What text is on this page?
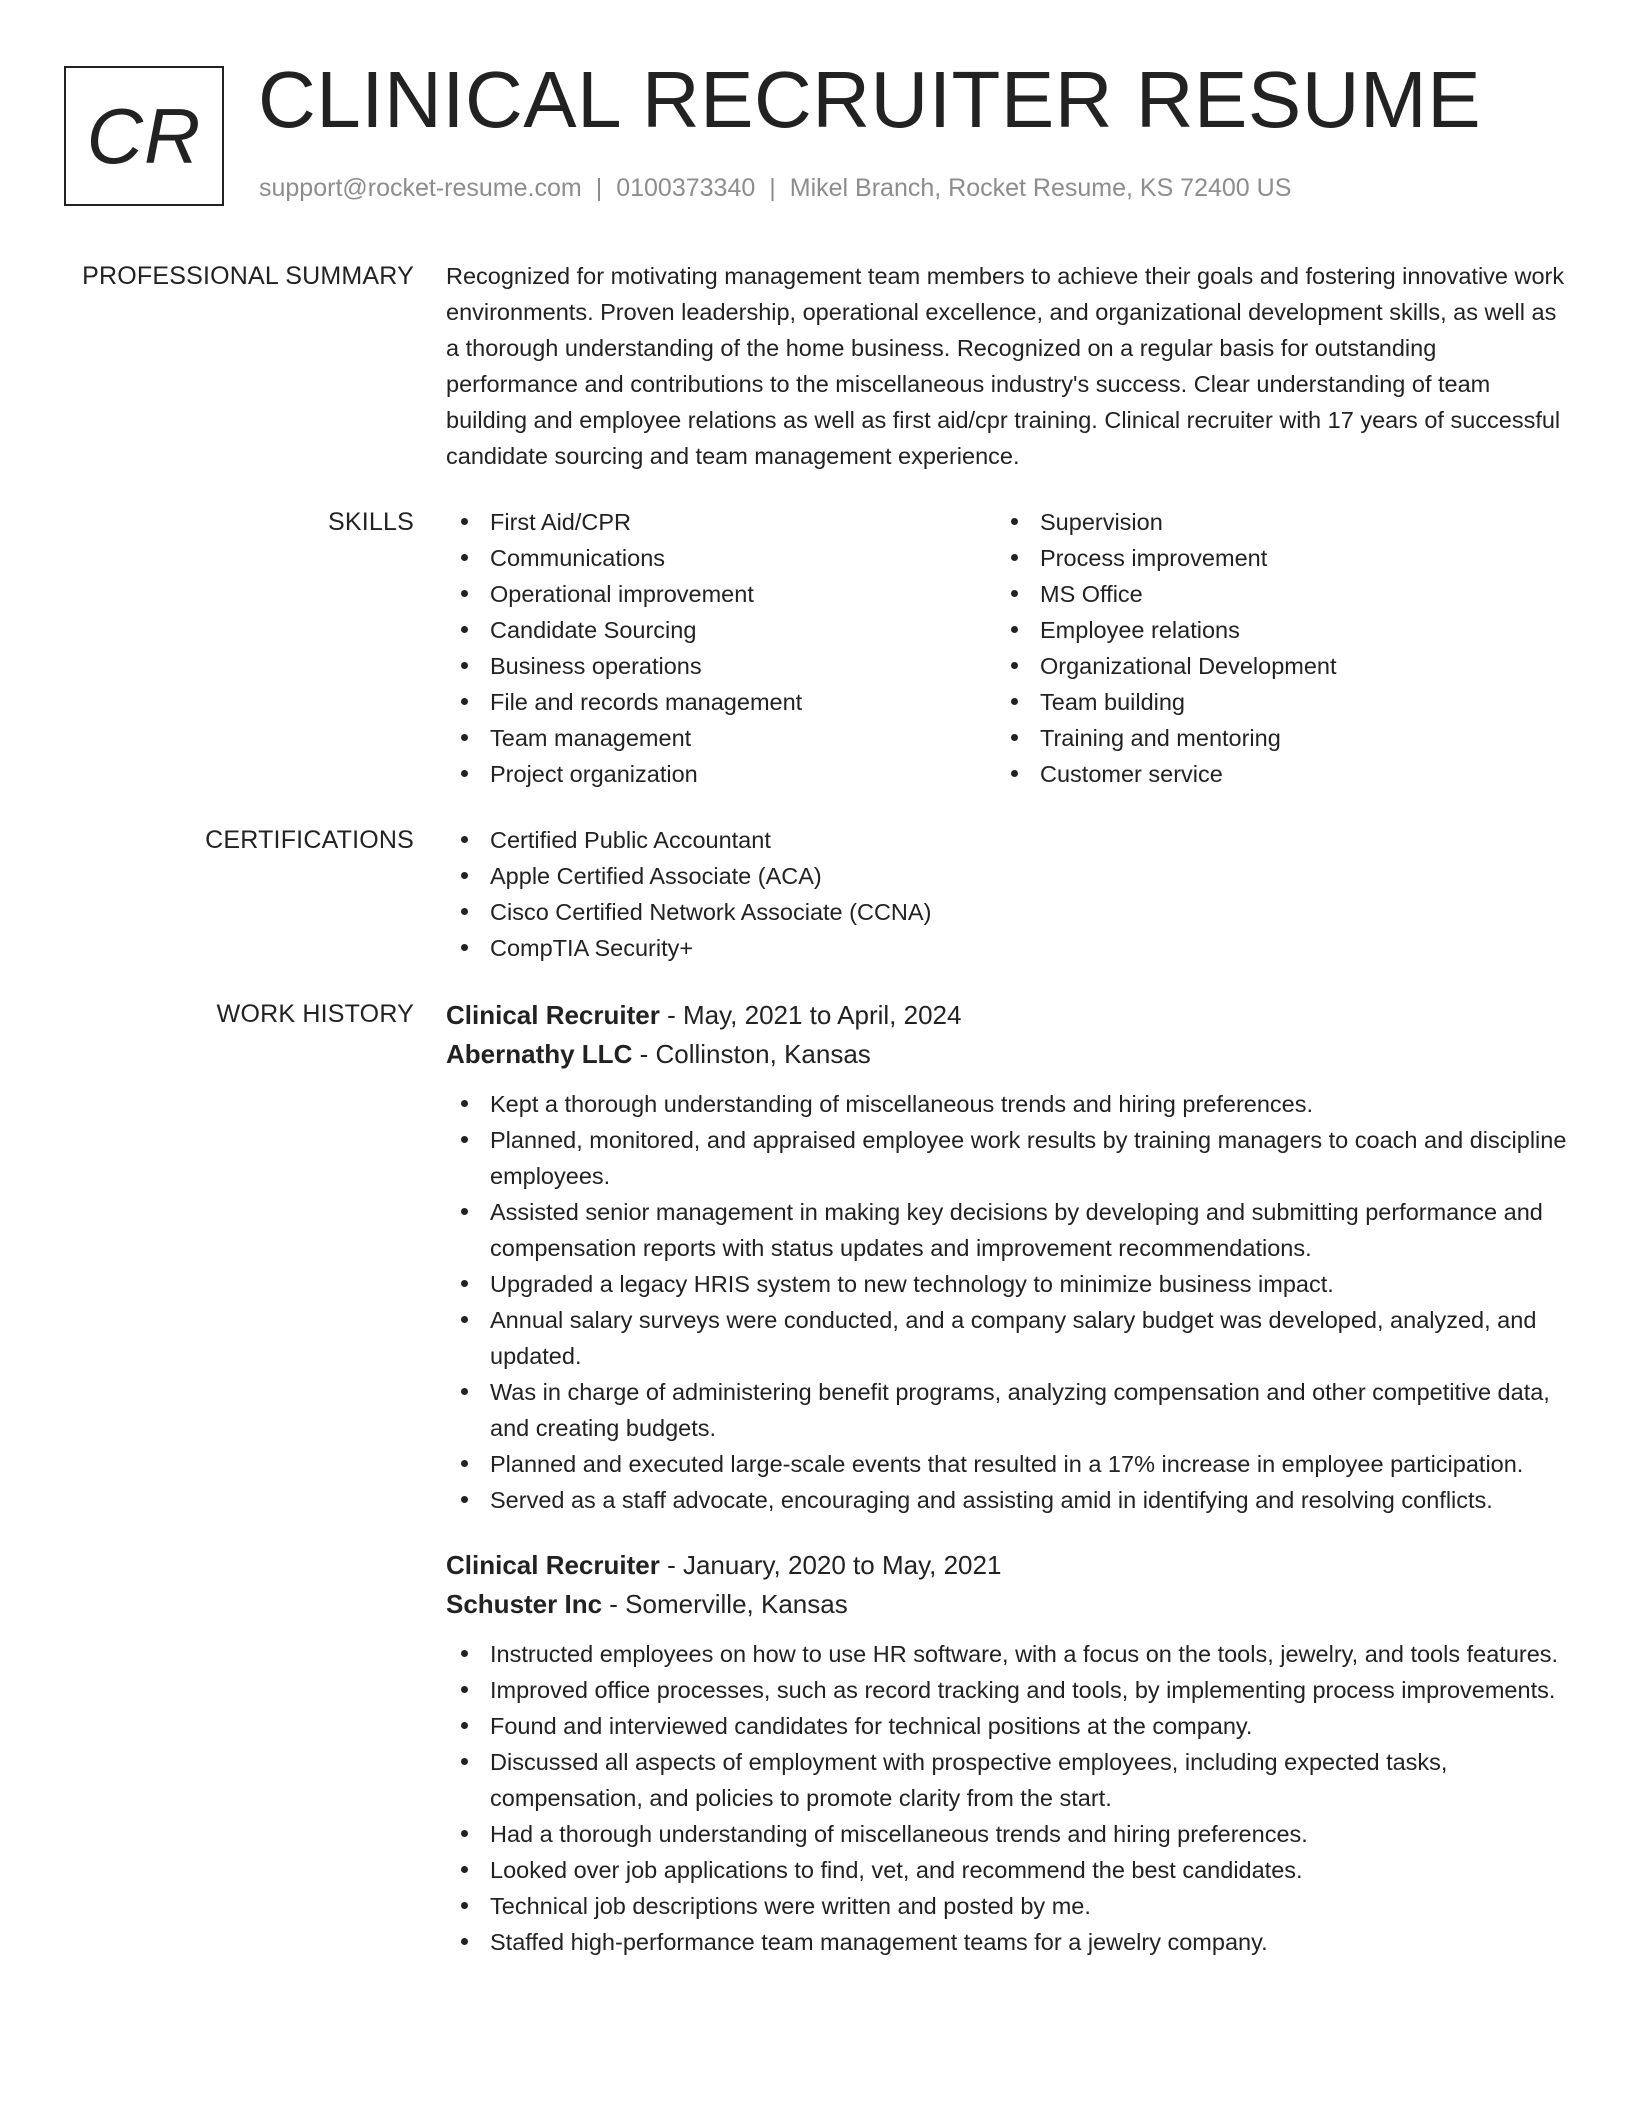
CR CLINICAL RECRUITER RESUME
support@rocket-resume.com | 0100373340 | Mikel Branch, Rocket Resume, KS 72400 US
PROFESSIONAL SUMMARY Recognized for motivating management team members to achieve their goals and fostering innovative work environments. Proven leadership, operational excellence, and organizational development skills, as well as a thorough understanding of the home business. Recognized on a regular basis for outstanding performance and contributions to the miscellaneous industry's success. Clear understanding of team building and employee relations as well as first aid/cpr training. Clinical recruiter with 17 years of successful candidate sourcing and team management experience.

SKILLS	First Aid/CPR
Communications
Operational improvement
Candidate Sourcing
Business operations
File and records management
Team management
Project organization
Supervision
Process improvement
MS Office
Employee relations
Organizational Development
Team building
Training and mentoring
Customer service
CERTIFICATIONS	Certified Public Accountant
Apple Certified Associate (ACA)
Cisco Certified Network Associate (CCNA)
CompTIA Security+
WORK HISTORY Clinical Recruiter - May, 2021 to April, 2024
Abernathy LLC - Collinston, Kansas
Kept a thorough understanding of miscellaneous trends and hiring preferences.
Planned, monitored, and appraised employee work results by training managers to coach and discipline employees.
Assisted senior management in making key decisions by developing and submitting performance and compensation reports with status updates and improvement recommendations.
Upgraded a legacy HRIS system to new technology to minimize business impact.
Annual salary surveys were conducted, and a company salary budget was developed, analyzed, and updated.
Was in charge of administering benefit programs, analyzing compensation and other competitive data, and creating budgets.
Planned and executed large-scale events that resulted in a 17% increase in employee participation.
Served as a staff advocate, encouraging and assisting amid in identifying and resolving conflicts.
Clinical Recruiter - January, 2020 to May, 2021
Schuster Inc - Somerville, Kansas
Instructed employees on how to use HR software, with a focus on the tools, jewelry, and tools features.
Improved office processes, such as record tracking and tools, by implementing process improvements.
Found and interviewed candidates for technical positions at the company.
Discussed all aspects of employment with prospective employees, including expected tasks, compensation, and policies to promote clarity from the start.
Had a thorough understanding of miscellaneous trends and hiring preferences.
Looked over job applications to find, vet, and recommend the best candidates.
Technical job descriptions were written and posted by me.
Staffed high-performance team management teams for a jewelry company.
